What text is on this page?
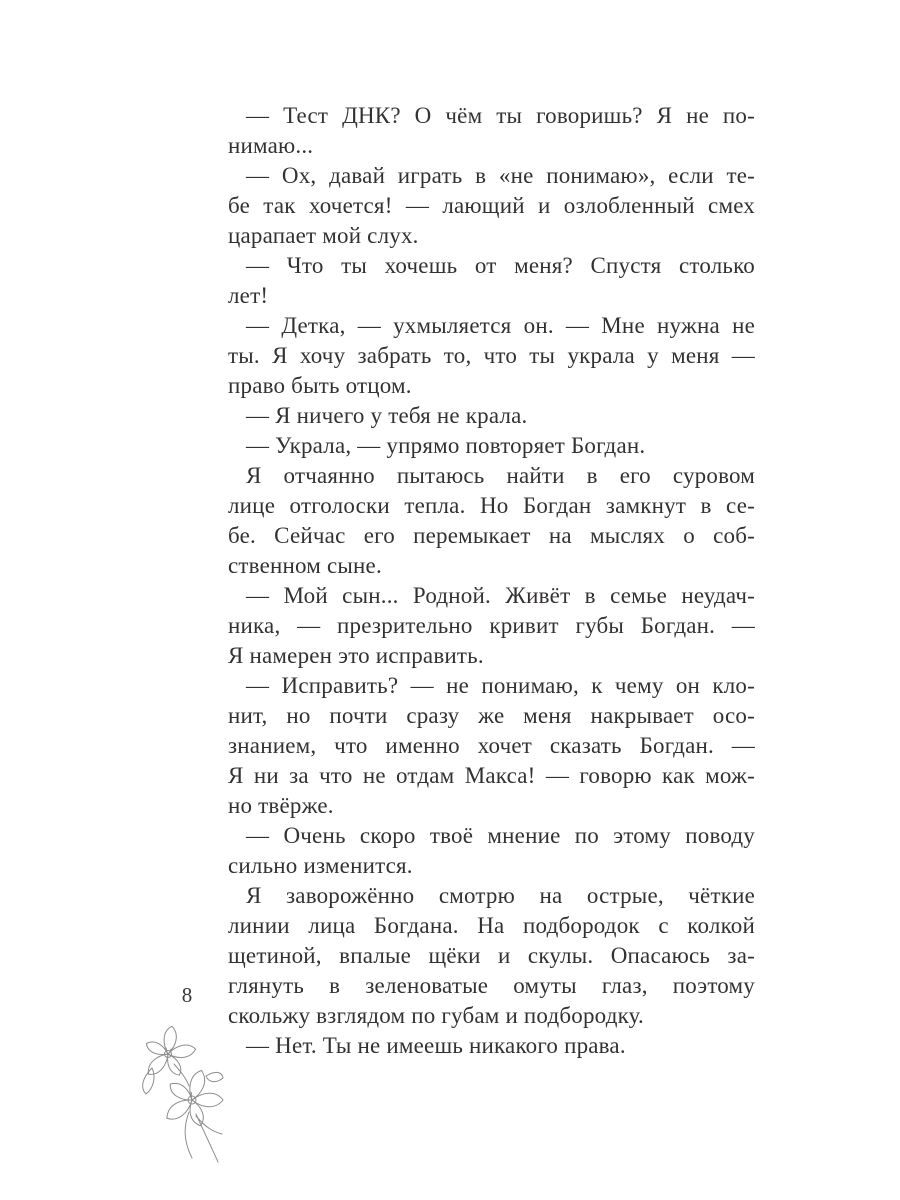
— Тест ДНК? О чём ты говоришь? Я не по-
нимаю...

— Ох, давай играть в «не понимаю», если те-
бе так хочется! — лающий и озлобленный смех
царапает мой слух.

— Что ты хочешь от меня? Спустя столько
лет!

— Детка, — ухмыляется он. — Мне нужна не
ты. Я хочу забрать то, что ты украла у меня —
право быть отцом.

— Я ничего у тебя не крала.

— Украла, — упрямо повторяет Богдан.

Я отчаянно пытаюсь найти в его суровом
лице отголоски тепла. Но Богдан замкнут в се-
бе. Сейчас его перемыкает на мыслях о соб-
ственном сыне.

— Мой сын... Родной. Живёт в семье неудач-
ника, — презрительно кривит губы Богдан. —
Я намерен это исправить.

— Исправить? — не понимаю, к чему он кло-
нит, но почти сразу же меня накрывает осо-
знанием, что именно хочет сказать Богдан. —
Я ни за что не отдам Макса! — говорю как мож-
но твёрже.

— Очень скоро твоё мнение по этому поводу
сильно изменится.

Я заворожённо смотрю на острые, чёткие
линии лица Богдана. На подбородок с колкой
щетиной, впалые щёки и скулы. Опасаюсь за-
глянуть в зеленоватые омуты глаз, поэтому
скольжу взглядом по губам и подбородку.

— Нет. Ты не имеешь никакого права.

8
